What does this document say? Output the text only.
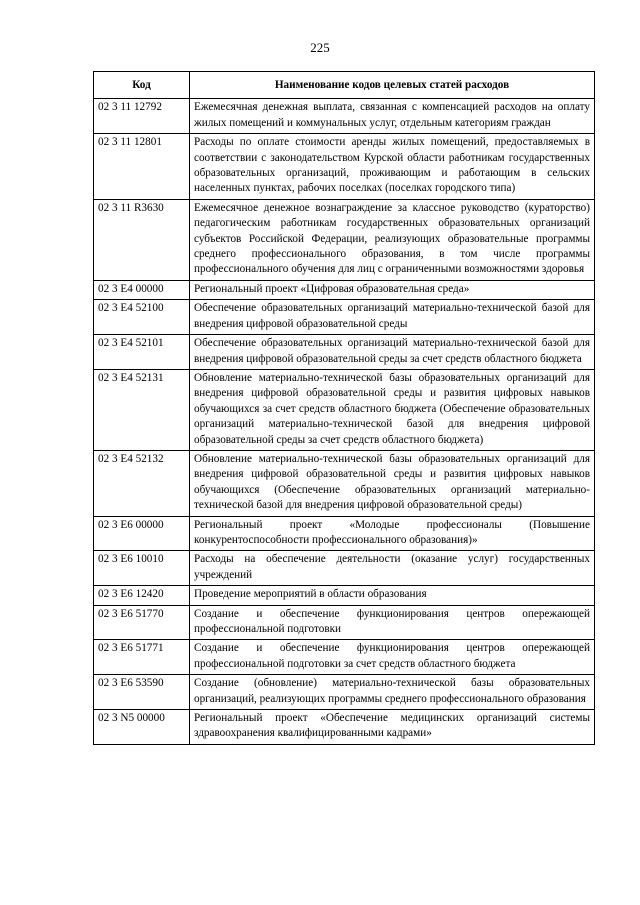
225
Код	Наименование кодов целевых статей расходов
02 3 11 12792	Ежемесячная денежная выплата, связанная с компенсацией расходов на оплату жилых помещений и коммунальных услуг, отдельным категориям граждан
02 3 11 12801	Расходы по оплате стоимости аренды жилых помещений, предоставляемых в соответствии с законодательством Курской области работникам государственных образовательных организаций, проживающим и работающим в сельских населенных пунктах, рабочих поселках (поселках городского типа)
02 3 11 R3630	Ежемесячное денежное вознаграждение за классное руководство (кураторство) педагогическим работникам государственных образовательных организаций субъектов Российской Федерации, реализующих образовательные программы среднего профессионального образования, в том числе программы профессионального обучения для лиц с ограниченными возможностями здоровья
02 3 E4 00000	Региональный проект «Цифровая образовательная среда»
02 3 E4 52100	Обеспечение образовательных организаций материально-технической базой для внедрения цифровой образовательной среды
02 3 E4 52101	Обеспечение образовательных организаций материально-технической базой для внедрения цифровой образовательной среды за счет средств областного бюджета
02 3 E4 52131	Обновление материально-технической базы образовательных организаций для внедрения цифровой образовательной среды и развития цифровых навыков обучающихся за счет средств областного бюджета (Обеспечение образовательных организаций материально-технической базой для внедрения цифровой образовательной среды за счет средств областного бюджета)
02 3 E4 52132	Обновление материально-технической базы образовательных организаций для внедрения цифровой образовательной среды и развития цифровых навыков обучающихся (Обеспечение образовательных организаций материально-технической базой для внедрения цифровой образовательной среды)
02 3 E6 00000	Региональный проект «Молодые профессионалы (Повышение конкурентоспособности профессионального образования)»
02 3 E6 10010	Расходы на обеспечение деятельности (оказание услуг) государственных учреждений
02 3 E6 12420	Проведение мероприятий в области образования
02 3 E6 51770	Создание и обеспечение функционирования центров опережающей профессиональной подготовки
02 3 E6 51771	Создание и обеспечение функционирования центров опережающей профессиональной подготовки за счет средств областного бюджета
02 3 E6 53590	Создание (обновление) материально-технической базы образовательных организаций, реализующих программы среднего профессионального образования
02 3 N5 00000	Региональный проект «Обеспечение медицинских организаций системы здравоохранения квалифицированными кадрами»
